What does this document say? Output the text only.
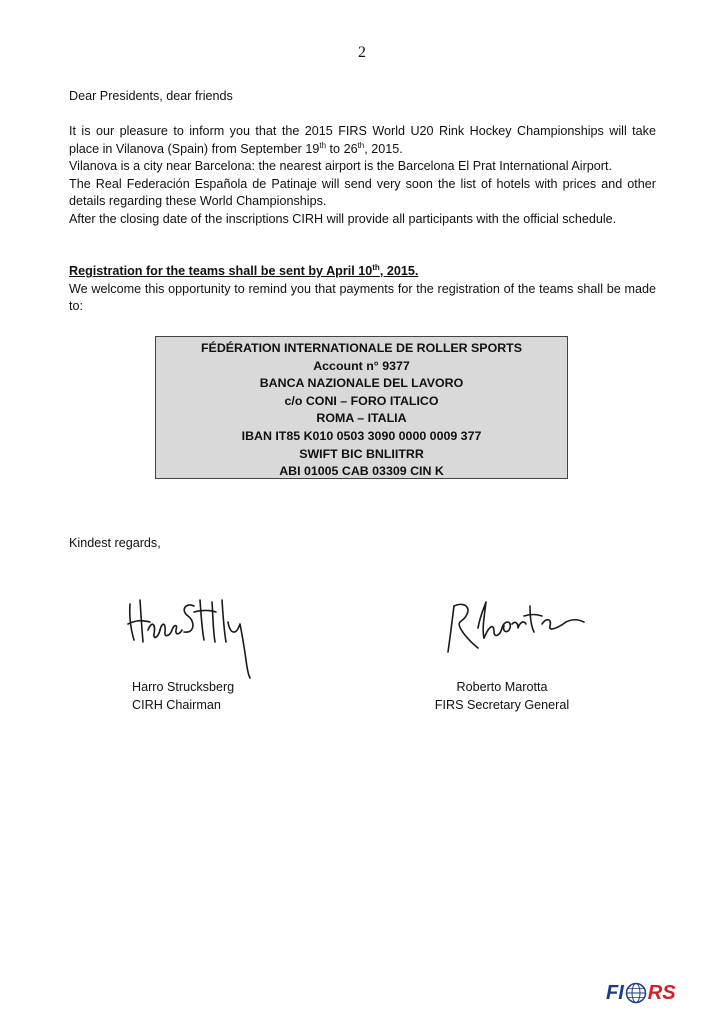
2

Dear Presidents, dear friends

It is our pleasure to inform you that the 2015 FIRS World U20 Rink Hockey Championships will take place in Vilanova (Spain) from September 19th to 26th, 2015.

Vilanova is a city near Barcelona: the nearest airport is the Barcelona El Prat International Airport.

The Real Federación Española de Patinaje will send very soon the list of hotels with prices and other details regarding these World Championships.

After the closing date of the inscriptions CIRH will provide all participants with the official schedule.

Registration for the teams shall be sent by April 10th, 2015.

We welcome this opportunity to remind you that payments for the registration of the teams shall be made to:

FÉDÉRATION INTERNATIONALE DE ROLLER SPORTS
Account n° 9377
BANCA NAZIONALE DEL LAVORO
c/o CONI – FORO ITALICO
ROMA – ITALIA
IBAN IT85 K010 0503 3090 0000 0009 377
SWIFT BIC BNLIITRR
ABI 01005 CAB 03309 CIN K
Kindest regards,
Harro Strucksberg
CIRH Chairman
Roberto Marotta
FIRS Secretary General
FI RS
